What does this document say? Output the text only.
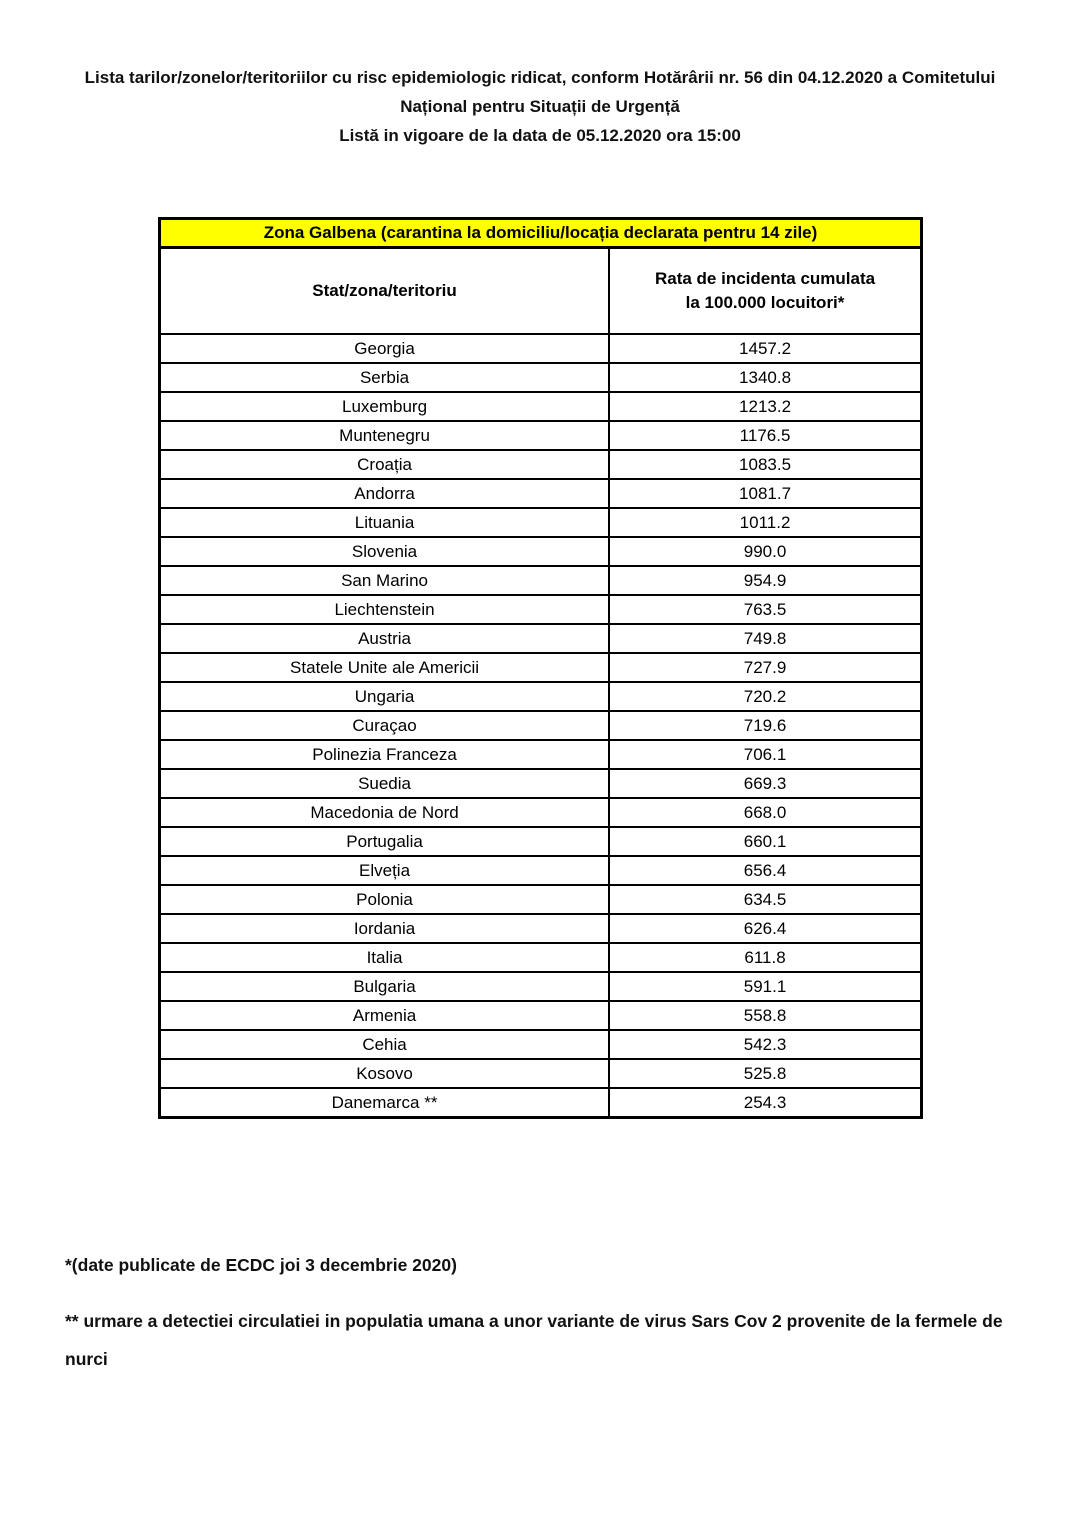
Lista tarilor/zonelor/teritoriilor cu risc epidemiologic ridicat, conform Hotărârii nr. 56 din 04.12.2020 a Comitetului
Național pentru Situații de Urgență
Listă in vigoare de la data de 05.12.2020 ora 15:00
Zona Galbena (carantina la domiciliu/locația declarata pentru 14 zile)	
Stat/zona/teritoriu	Rata de incidenta cumulata la 100.000 locuitori*
Georgia	1457.2
Serbia	1340.8
Luxemburg	1213.2
Muntenegru	1176.5
Croația	1083.5
Andorra	1081.7
Lituania	1011.2
Slovenia	990.0
San Marino	954.9
Liechtenstein	763.5
Austria	749.8
Statele Unite ale Americii	727.9
Ungaria	720.2
Curaçao	719.6
Polinezia Franceza	706.1
Suedia	669.3
Macedonia de Nord	668.0
Portugalia	660.1
Elveția	656.4
Polonia	634.5
Iordania	626.4
Italia	611.8
Bulgaria	591.1
Armenia	558.8
Cehia	542.3
Kosovo	525.8
Danemarca **	254.3

*(date publicate de ECDC joi 3 decembrie 2020)

** urmare a detectiei circulatiei in populatia umana a unor variante de virus Sars Cov 2 provenite de la fermele de nurci
